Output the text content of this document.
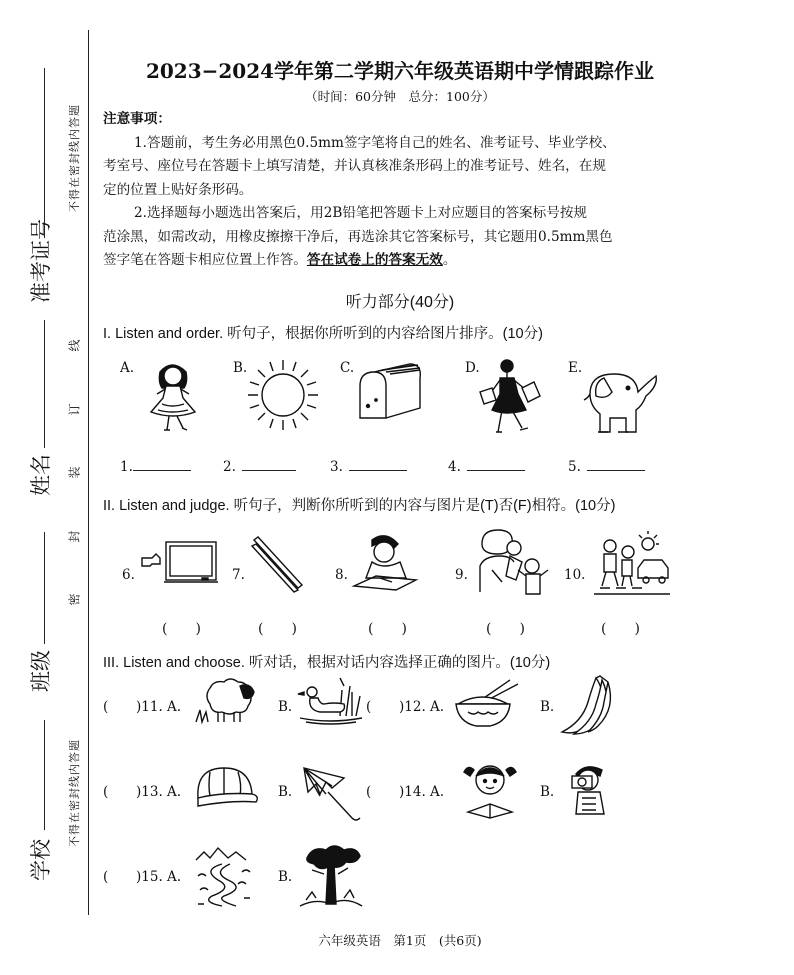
不得在密封线内答题
不得在密封线内答题
线
订
装
封
密
准考证号
姓名
班级
学校
2023−2024学年第二学期六年级英语期中学情跟踪作业
（时间：60分钟　总分：100分）
注意事项：
1.答题前，考生务必用黑色0.5mm签字笔将自己的姓名、准考证号、毕业学校、
考室号、座位号在答题卡上填写清楚，并认真核准条形码上的准考证号、姓名，在规
定的位置上贴好条形码。
2.选择题每小题选出答案后，用2B铅笔把答题卡上对应题目的答案标号按规
范涂黑，如需改动，用橡皮擦擦干净后，再选涂其它答案标号，其它题用0.5mm黑色
签字笔在答题卡相应位置上作答。答在试卷上的答案无效。
听力部分(40分)
I. Listen and order. 听句子，根据你所听到的内容给图片排序。(10分)
A.	B.	C.	D.	E.
1.	2.	3.	4.	5.
II. Listen and judge. 听句子，判断你所听到的内容与图片是(T)否(F)相符。(10分)
6.	7.	8.	9.	10.
(　　)	(　　)	(　　)	(　　)	(　　)
III. Listen and choose. 听对话，根据对话内容选择正确的图片。(10分)
( )11. A.	B.	( )12. A.	B.
( )13. A.	B.	( )14. A.	B.
( )15. A.	B.
六年级英语　第1页　(共6页)
